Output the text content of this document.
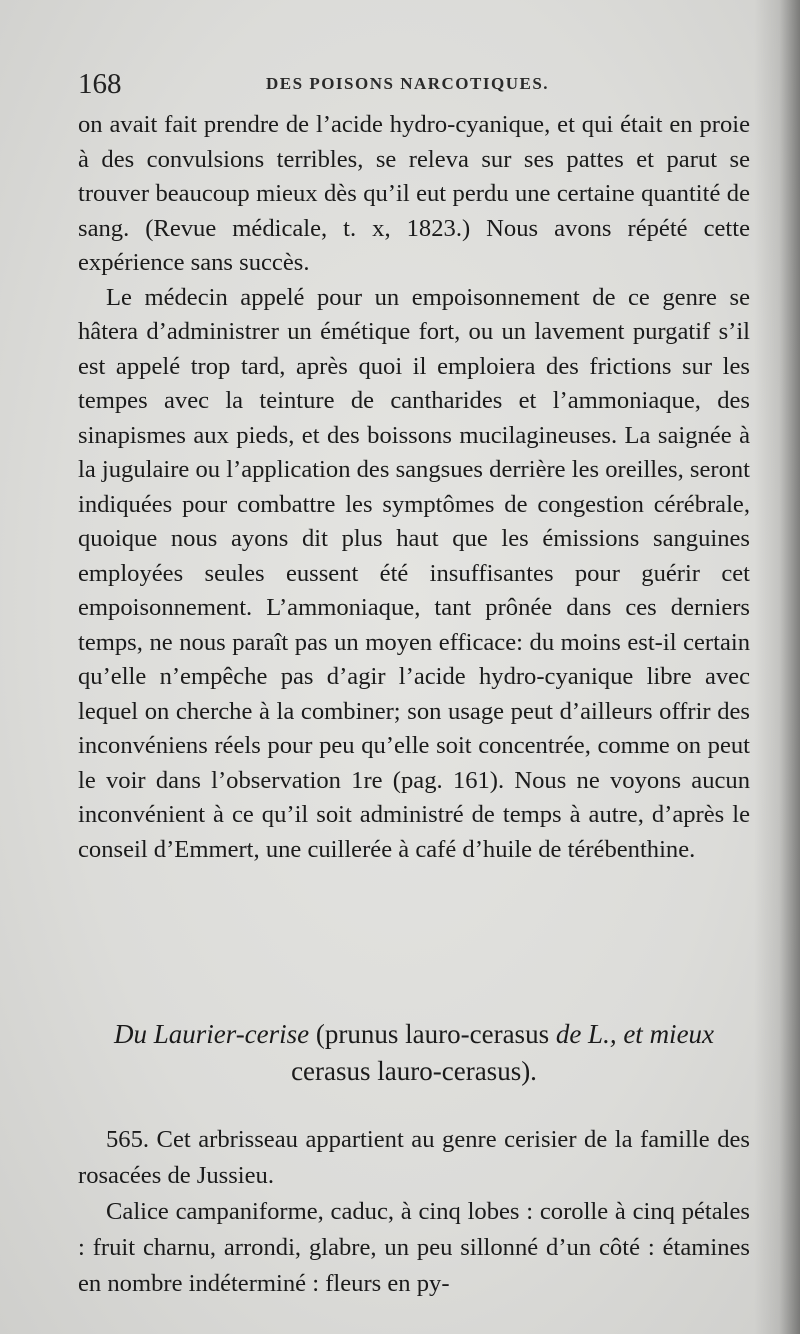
168	DES POISONS NARCOTIQUES.

on avait fait prendre de l’acide hydro-cyanique, et qui était en proie à des convulsions terribles, se releva sur ses pattes et parut se trouver beaucoup mieux dès qu’il eut perdu une certaine quantité de sang. (Revue médicale, t. x, 1823.) Nous avons répété cette expérience sans succès.

Le médecin appelé pour un empoisonnement de ce genre se hâtera d’administrer un émétique fort, ou un lavement purgatif s’il est appelé trop tard, après quoi il emploiera des frictions sur les tempes avec la teinture de cantharides et l’ammoniaque, des sinapismes aux pieds, et des boissons mucilagineuses. La saignée à la jugulaire ou l’application des sangsues derrière les oreilles, seront indiquées pour combattre les symptômes de congestion cérébrale, quoique nous ayons dit plus haut que les émissions sanguines employées seules eussent été insuffisantes pour guérir cet empoisonnement. L’ammoniaque, tant prônée dans ces derniers temps, ne nous paraît pas un moyen efficace: du moins est-il certain qu’elle n’empêche pas d’agir l’acide hydro-cyanique libre avec lequel on cherche à la combiner; son usage peut d’ailleurs offrir des inconvéniens réels pour peu qu’elle soit concentrée, comme on peut le voir dans l’observation 1re (pag. 161). Nous ne voyons aucun inconvénient à ce qu’il soit administré de temps à autre, d’après le conseil d’Emmert, une cuillerée à café d’huile de térébenthine.

Du Laurier-cerise (prunus lauro-cerasus de L., et mieux cerasus lauro-cerasus).

565. Cet arbrisseau appartient au genre cerisier de la famille des rosacées de Jussieu.

Calice campaniforme, caduc, à cinq lobes : corolle à cinq pétales : fruit charnu, arrondi, glabre, un peu sillonné d’un côté : étamines en nombre indéterminé : fleurs en py-
